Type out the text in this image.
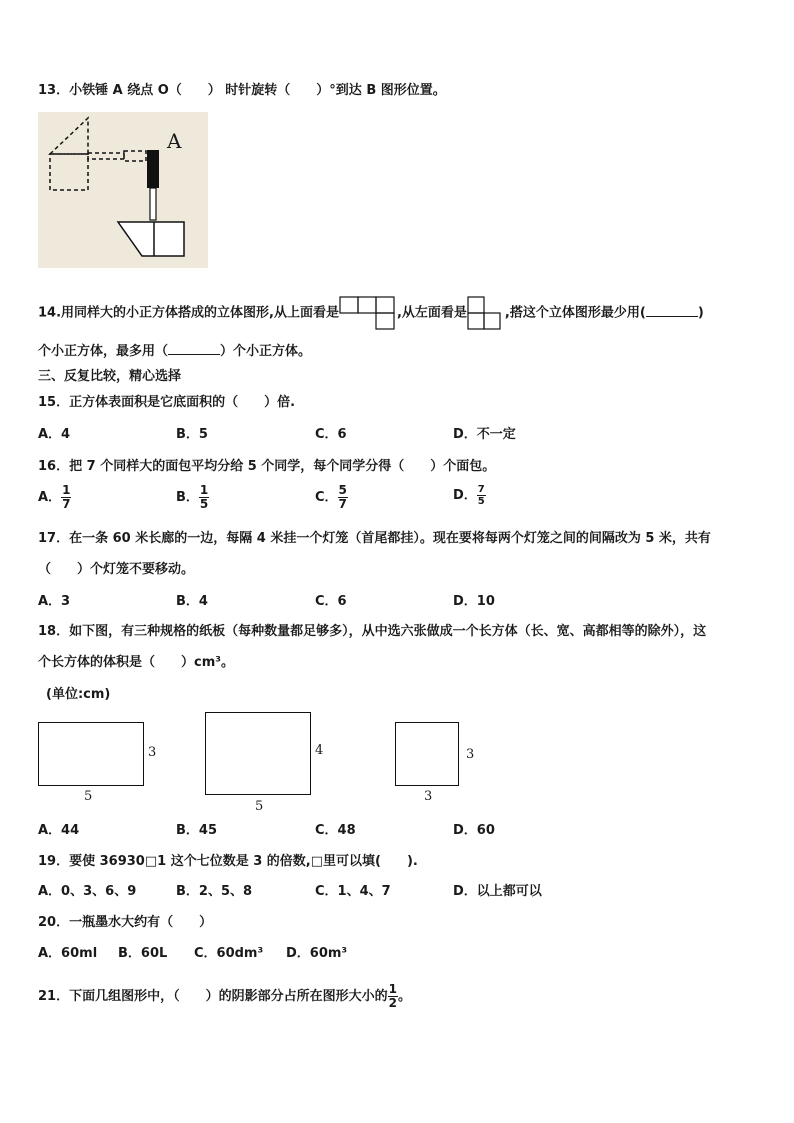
13．小铁锤 A 绕点 O（　　） 时针旋转（　　）°到达 B 图形位置。
A
14.用同样大的小正方体搭成的立体图形,从上面看是	,从左面看是	,搭这个立体图形最少用(	)
个小正方体，最多用（	）个小正方体。
三、反复比较，精心选择
15．正方体表面积是它底面积的（　　）倍.
A．4	B．5	C．6	D．不一定
16．把 7 个同样大的面包平均分给 5 个同学，每个同学分得（　　）个面包。
A． $\frac{1}{7}$	B． $\frac{1}{5}$	C． $\frac{5}{7}$	D． $\frac{7}{5}$
17．在一条 60 米长廊的一边，每隔 4 米挂一个灯笼（首尾都挂）。现在要将每两个灯笼之间的间隔改为 5 米，共有
（　　）个灯笼不要移动。
A．3	B．4	C．6	D．10
18．如下图，有三种规格的纸板（每种数量都足够多），从中选六张做成一个长方体（长、宽、高都相等的除外），这
个长方体的体积是（　　）cm³。
(单位:cm)
3
5
4
5
3
3
A．44	B．45	C．48	D．60
19．要使 36930□1 这个七位数是 3 的倍数,□里可以填(　　).
A．0、3、6、9	B．2、5、8	C．1、4、7	D．以上都可以
20．一瓶墨水大约有（　　）
A．60ml B．60L C．60dm³ D．60m³
21．下面几组图形中，（　　）的阴影部分占所在图形大小的 $\frac{1}{2}$ 。
